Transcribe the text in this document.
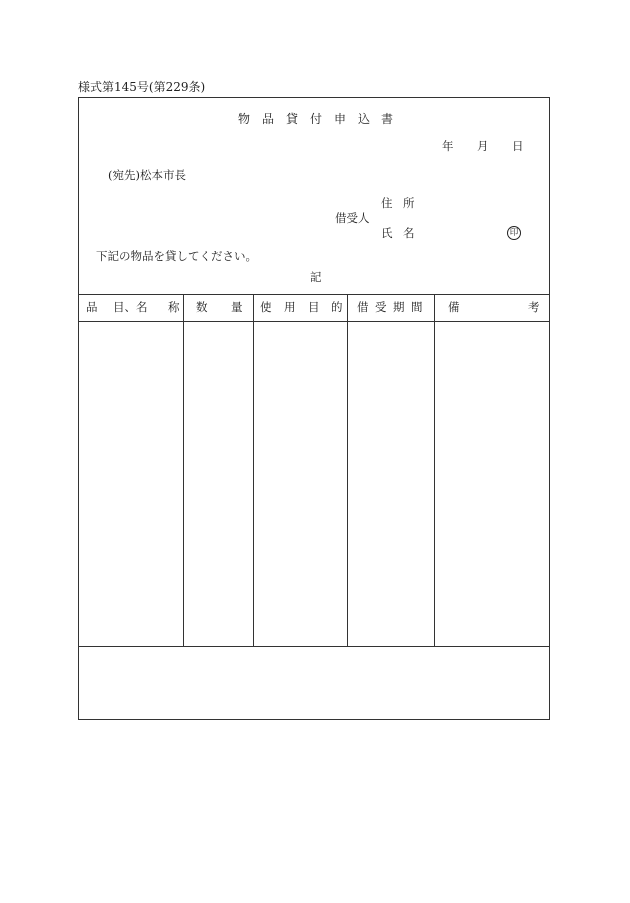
様式第145号(第229条)
物 品 貸 付 申 込 書
年 月 日
(宛先)松本市長
住 所
借受人
氏 名	印
下記の物品を貸してください。
記
品 目、名 称 数 量 使 用 目 的 借 受 期 間 備	考
